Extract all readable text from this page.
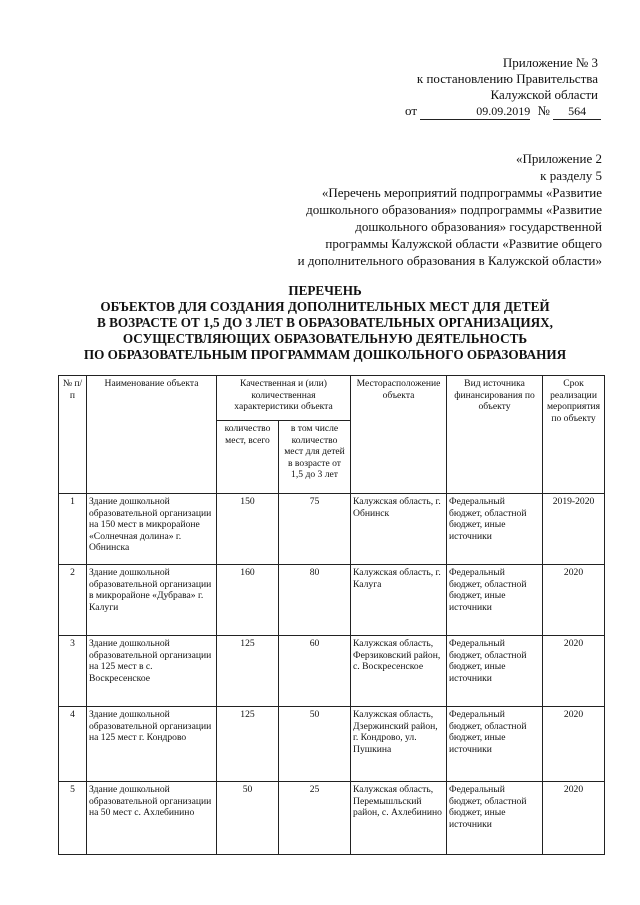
Приложение № 3
к постановлению Правительства
Калужской области
от	09.09.2019 № 564
«Приложение 2
к разделу 5
«Перечень мероприятий подпрограммы «Развитие
дошкольного образования» подпрограммы «Развитие
дошкольного образования» государственной
программы Калужской области «Развитие общего
и дополнительного образования в Калужской области»
ПЕРЕЧЕНЬ
ОБЪЕКТОВ ДЛЯ СОЗДАНИЯ ДОПОЛНИТЕЛЬНЫХ МЕСТ ДЛЯ ДЕТЕЙ
В ВОЗРАСТЕ ОТ 1,5 ДО 3 ЛЕТ В ОБРАЗОВАТЕЛЬНЫХ ОРГАНИЗАЦИЯХ,
ОСУЩЕСТВЛЯЮЩИХ ОБРАЗОВАТЕЛЬНУЮ ДЕЯТЕЛЬНОСТЬ
ПО ОБРАЗОВАТЕЛЬНЫМ ПРОГРАММАМ ДОШКОЛЬНОГО ОБРАЗОВАНИЯ
№ п/п	Наименование объекта	Качественная и (или) количественная характеристики объекта		Месторасположение объекта	Вид источника финансирования по объекту	Срок реализации мероприятия по объекту
		количество мест, всего	в том числе количество мест для детей в возрасте от 1,5 до 3 лет			
1	Здание дошкольной образовательной организации на 150 мест в микрорайоне «Солнечная долина» г. Обнинска	150	75	Калужская область, г. Обнинск	Федеральный бюджет, областной бюджет, иные источники	2019-2020
2	Здание дошкольной образовательной организации в микрорайоне «Дубрава» г. Калуги	160	80	Калужская область, г. Калуга	Федеральный бюджет, областной бюджет, иные источники	2020
3	Здание дошкольной образовательной организации на 125 мест в с. Воскресенское	125	60	Калужская область, Ферзиковский район, с. Воскресенское	Федеральный бюджет, областной бюджет, иные источники	2020
4	Здание дошкольной образовательной организации на 125 мест г. Кондрово	125	50	Калужская область, Дзержинский район, г. Кондрово, ул. Пушкина	Федеральный бюджет, областной бюджет, иные источники	2020
5	Здание дошкольной образовательной организации на 50 мест с. Ахлебинино	50	25	Калужская область, Перемышльский район, с. Ахлебинино	Федеральный бюджет, областной бюджет, иные источники	2020
